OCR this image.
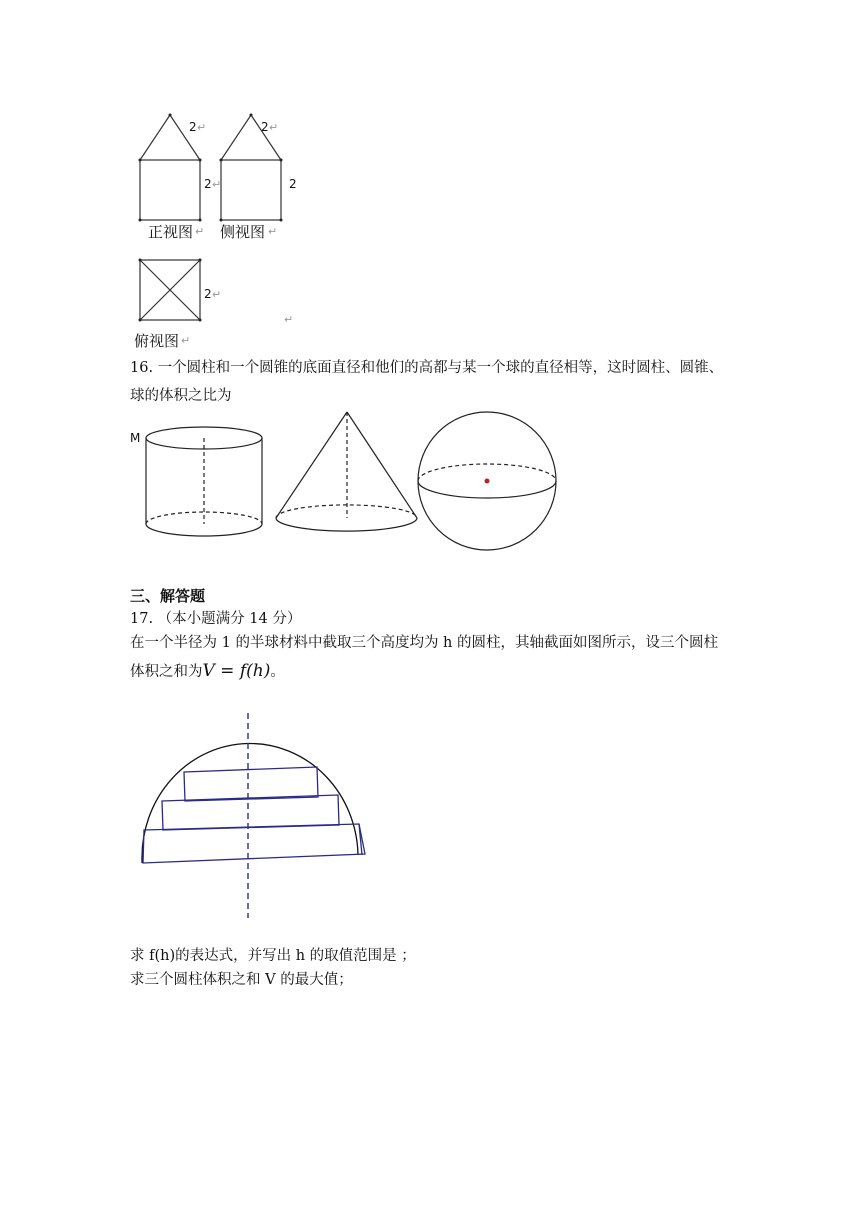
2 ↵
2 ↵
2 ↵
2
正视图 ↵ 侧视图 ↵
2 ↵
↵
俯视图 ↵
16. 一个圆柱和一个圆锥的底面直径和他们的高都与某一个球的直径相等，这时圆柱、圆锥、
球的体积之比为
M
三、解答题
17. （本小题满分 14 分）
在一个半径为 1 的半球材料中截取三个高度均为 h 的圆柱，其轴截面如图所示，设三个圆柱
体积之和为V = f(h)。
求 f(h)的表达式，并写出 h 的取值范围是 ；
求三个圆柱体积之和 V 的最大值；
